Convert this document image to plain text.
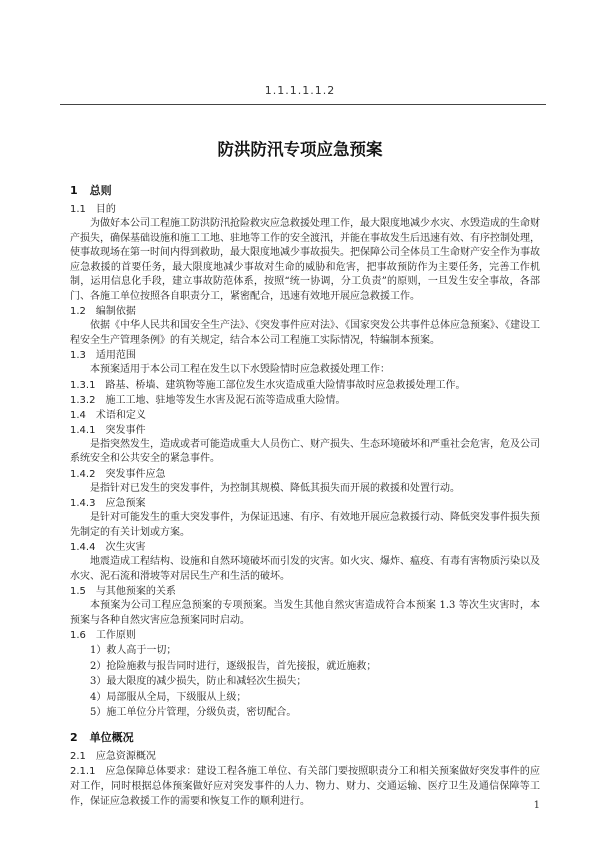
1.1.1.1.1.2
防洪防汛专项应急预案
1 总则
1.1 目的
为做好本公司工程施工防洪防汛抢险救灾应急救援处理工作，最大限度地减少水灾、水毁造成的生命财产损失，确保基础设施和施工工地、驻地等工作的安全渡汛，并能在事故发生后迅速有效、有序控制处理，使事故现场在第一时间内得到救助，最大限度地减少事故损失。把保障公司全体员工生命财产安全作为事故应急救援的首要任务，最大限度地减少事故对生命的威胁和危害，把事故预防作为主要任务，完善工作机制，运用信息化手段，建立事故防范体系，按照“统一协调，分工负责”的原则，一旦发生安全事故，各部门、各施工单位按照各自职责分工，紧密配合，迅速有效地开展应急救援工作。
1.2 编制依据
依据《中华人民共和国安全生产法》、《突发事件应对法》、《国家突发公共事件总体应急预案》、《建设工程安全生产管理条例》的有关规定，结合本公司工程施工实际情况，特编制本预案。
1.3 适用范围
本预案适用于本公司工程在发生以下水毁险情时应急救援处理工作：
1.3.1 路基、桥墙、建筑物等施工部位发生水灾造成重大险情事故时应急救援处理工作。
1.3.2 施工工地、驻地等发生水害及泥石流等造成重大险情。
1.4 术语和定义
1.4.1 突发事件
是指突然发生，造成或者可能造成重大人员伤亡、财产损失、生态环境破坏和严重社会危害，危及公司系统安全和公共安全的紧急事件。
1.4.2 突发事件应急
是指针对已发生的突发事件，为控制其规模、降低其损失而开展的救援和处置行动。
1.4.3 应急预案
是针对可能发生的重大突发事件，为保证迅速、有序、有效地开展应急救援行动、降低突发事件损失预先制定的有关计划或方案。
1.4.4 次生灾害
地震造成工程结构、设施和自然环境破坏而引发的灾害。如火灾、爆炸、瘟疫、有毒有害物质污染以及水灾、泥石流和滑坡等对居民生产和生活的破坏。
1.5 与其他预案的关系
本预案为公司工程应急预案的专项预案。当发生其他自然灾害造成符合本预案 1.3 等次生灾害时，本预案与各种自然灾害应急预案同时启动。
1.6 工作原则
1）救人高于一切；
2）抢险施救与报告同时进行，逐级报告，首先接报，就近施救；
3）最大限度的减少损失，防止和减轻次生损失；
4）局部服从全局，下级服从上级；
5）施工单位分片管理，分级负责，密切配合。
2 单位概况
2.1 应急资源概况
2.1.1 应急保障总体要求：建设工程各施工单位、有关部门要按照职责分工和相关预案做好突发事件的应对工作，同时根据总体预案做好应对突发事件的人力、物力、财力、交通运输、医疗卫生及通信保障等工作，保证应急救援工作的需要和恢复工作的顺利进行。	1
